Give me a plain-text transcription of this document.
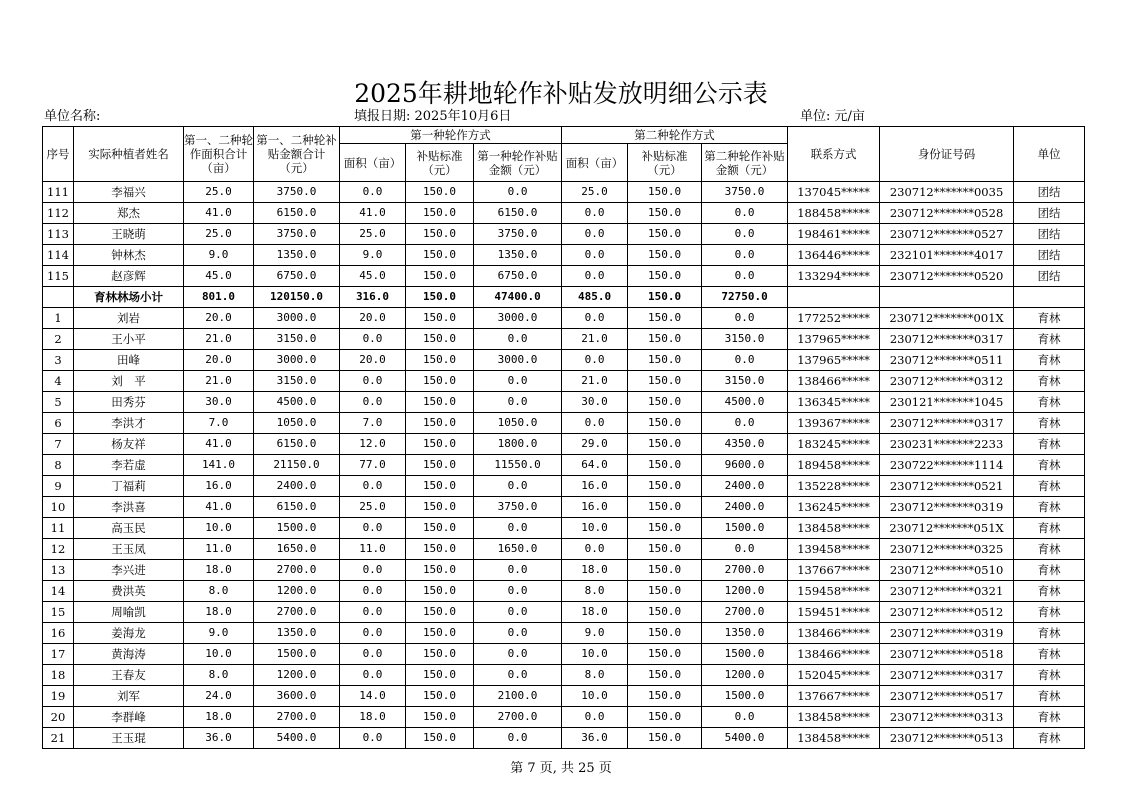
2025年耕地轮作补贴发放明细公示表
单位名称:	填报日期: 2025年10月6日	单位: 元/亩
序号	实际种植者姓名	第一、二种轮作面积合计（亩）	第一、二种轮补贴金额合计（元）	第一种轮作方式			第二种轮作方式			联系方式	身份证号码	单位
				面积（亩）	补贴标准（元）	第一种轮作补贴金额（元）	面积（亩）	补贴标准（元）	第二种轮作补贴金额（元）			
111	李福兴	25.0	3750.0	0.0	150.0	0.0	25.0	150.0	3750.0	137045*****	230712*******0035	团结
112	郑杰	41.0	6150.0	41.0	150.0	6150.0	0.0	150.0	0.0	188458*****	230712*******0528	团结
113	王晓萌	25.0	3750.0	25.0	150.0	3750.0	0.0	150.0	0.0	198461*****	230712*******0527	团结
114	钟林杰	9.0	1350.0	9.0	150.0	1350.0	0.0	150.0	0.0	136446*****	232101*******4017	团结
115	赵彦辉	45.0	6750.0	45.0	150.0	6750.0	0.0	150.0	0.0	133294*****	230712*******0520	团结
	育林林场小计	801.0	120150.0	316.0	150.0	47400.0	485.0	150.0	72750.0			
1	刘岩	20.0	3000.0	20.0	150.0	3000.0	0.0	150.0	0.0	177252*****	230712*******001X	育林
2	王小平	21.0	3150.0	0.0	150.0	0.0	21.0	150.0	3150.0	137965*****	230712*******0317	育林
3	田峰	20.0	3000.0	20.0	150.0	3000.0	0.0	150.0	0.0	137965*****	230712*******0511	育林
4	刘　平	21.0	3150.0	0.0	150.0	0.0	21.0	150.0	3150.0	138466*****	230712*******0312	育林
5	田秀芬	30.0	4500.0	0.0	150.0	0.0	30.0	150.0	4500.0	136345*****	230121*******1045	育林
6	李洪才	7.0	1050.0	7.0	150.0	1050.0	0.0	150.0	0.0	139367*****	230712*******0317	育林
7	杨友祥	41.0	6150.0	12.0	150.0	1800.0	29.0	150.0	4350.0	183245*****	230231*******2233	育林
8	李若虚	141.0	21150.0	77.0	150.0	11550.0	64.0	150.0	9600.0	189458*****	230722*******1114	育林
9	丁福莉	16.0	2400.0	0.0	150.0	0.0	16.0	150.0	2400.0	135228*****	230712*******0521	育林
10	李洪喜	41.0	6150.0	25.0	150.0	3750.0	16.0	150.0	2400.0	136245*****	230712*******0319	育林
11	高玉民	10.0	1500.0	0.0	150.0	0.0	10.0	150.0	1500.0	138458*****	230712*******051X	育林
12	王玉凤	11.0	1650.0	11.0	150.0	1650.0	0.0	150.0	0.0	139458*****	230712*******0325	育林
13	李兴进	18.0	2700.0	0.0	150.0	0.0	18.0	150.0	2700.0	137667*****	230712*******0510	育林
14	费洪英	8.0	1200.0	0.0	150.0	0.0	8.0	150.0	1200.0	159458*****	230712*******0321	育林
15	周喻凯	18.0	2700.0	0.0	150.0	0.0	18.0	150.0	2700.0	159451*****	230712*******0512	育林
16	姜海龙	9.0	1350.0	0.0	150.0	0.0	9.0	150.0	1350.0	138466*****	230712*******0319	育林
17	黄海涛	10.0	1500.0	0.0	150.0	0.0	10.0	150.0	1500.0	138466*****	230712*******0518	育林
18	王春友	8.0	1200.0	0.0	150.0	0.0	8.0	150.0	1200.0	152045*****	230712*******0317	育林
19	刘军	24.0	3600.0	14.0	150.0	2100.0	10.0	150.0	1500.0	137667*****	230712*******0517	育林
20	李群峰	18.0	2700.0	18.0	150.0	2700.0	0.0	150.0	0.0	138458*****	230712*******0313	育林
21	王玉琨	36.0	5400.0	0.0	150.0	0.0	36.0	150.0	5400.0	138458*****	230712*******0513	育林
第 7 页, 共 25 页
